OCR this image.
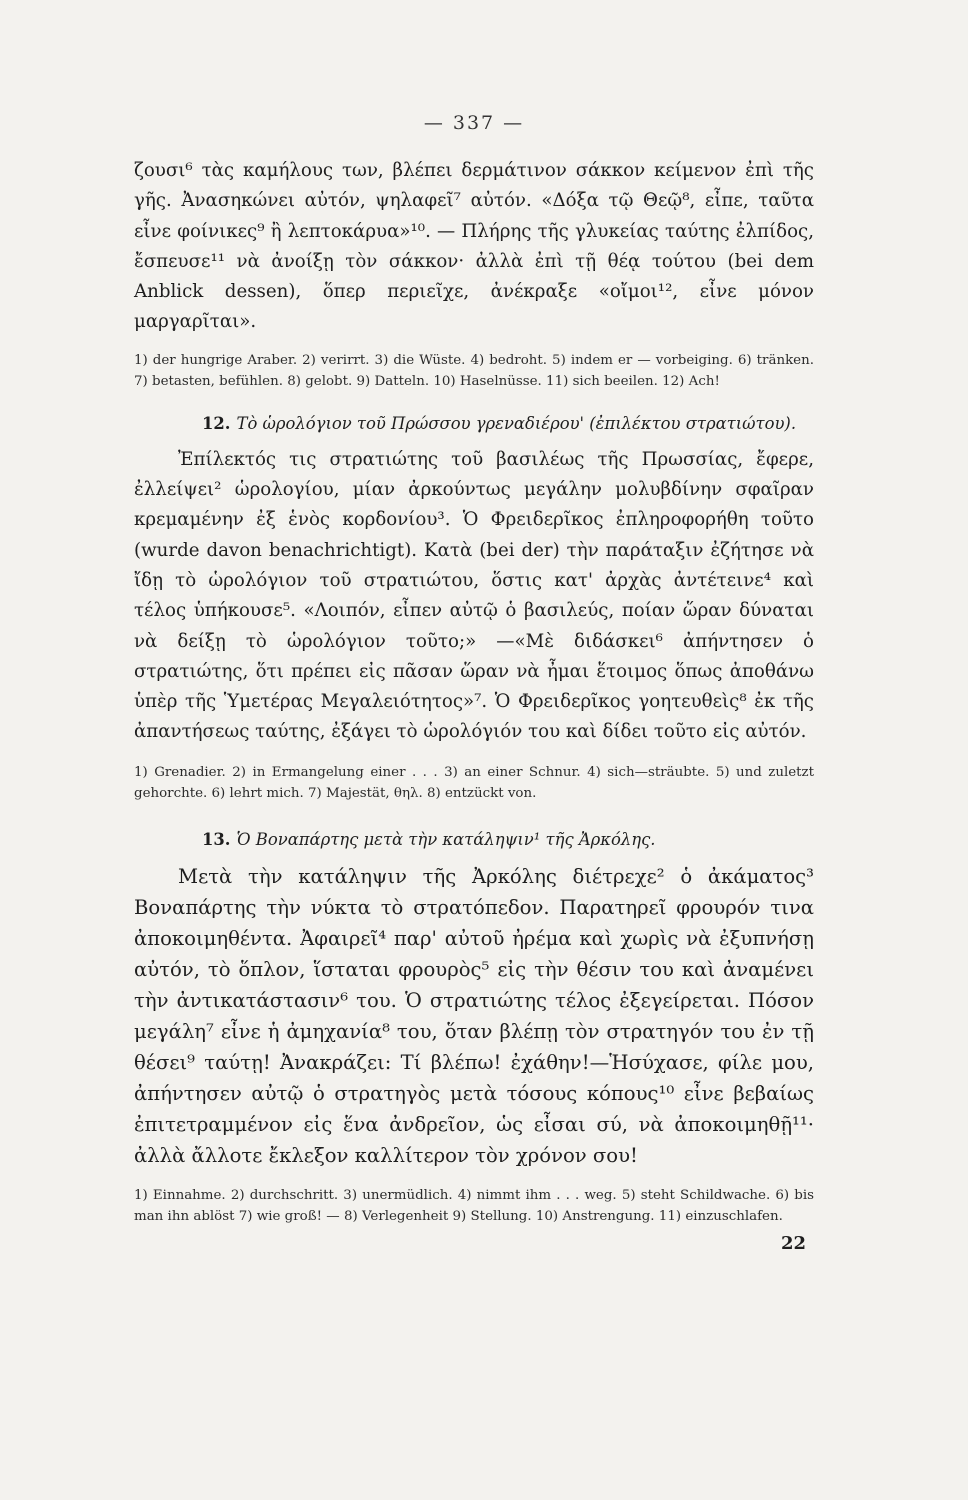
— 337 —

ζουσι⁶ τὰς καμήλους των, βλέπει δερμάτινον σάκκον κείμενον ἐπὶ τῆς γῆς. Ἀνασηκώνει αὐτόν, ψηλαφεῖ⁷ αὐτόν. «Δόξα τῷ Θεῷ⁸, εἶπε, ταῦτα εἶνε φοίνικες⁹ ἢ λεπτοκάρυα»¹⁰. — Πλήρης τῆς γλυκείας ταύτης ἐλπίδος, ἔσπευσε¹¹ νὰ ἀνοίξῃ τὸν σάκκον· ἀλλὰ ἐπὶ τῇ θέᾳ τούτου (bei dem Anblick dessen), ὅπερ περιεῖχε, ἀνέκραξε «οἴμοι¹², εἶνε μόνον μαργαρῖται».

1) der hungrige Araber. 2) verirrt. 3) die Wüste. 4) bedroht. 5) indem er — vorbeiging. 6) tränken. 7) betasten, befühlen. 8) gelobt. 9) Datteln. 10) Haselnüsse. 11) sich beeilen. 12) Ach!

12. Τὸ ὡρολόγιον τοῦ Πρώσσου γρεναδιέρου' (ἐπιλέκτου στρατιώτου).

Ἐπίλεκτός τις στρατιώτης τοῦ βασιλέως τῆς Πρωσσίας, ἔφερε, ἐλλείψει² ὡρολογίου, μίαν ἀρκούντως μεγάλην μολυβδίνην σφαῖραν κρεμαμένην ἐξ ἑνὸς κορδονίου³. Ὁ Φρειδερῖκος ἐπληροφορήθη τοῦτο (wurde davon benachrichtigt). Κατὰ (bei der) τὴν παράταξιν ἐζήτησε νὰ ἴδῃ τὸ ὡρολόγιον τοῦ στρατιώτου, ὅστις κατ' ἀρχὰς ἀντέτεινε⁴ καὶ τέλος ὑπήκουσε⁵. «Λοιπόν, εἶπεν αὐτῷ ὁ βασιλεύς, ποίαν ὥραν δύναται νὰ δείξῃ τὸ ὡρολόγιον τοῦτο;» —«Μὲ διδάσκει⁶ ἀπήντησεν ὁ στρατιώτης, ὅτι πρέπει εἰς πᾶσαν ὥραν νὰ ἦμαι ἕτοιμος ὅπως ἀποθάνω ὑπὲρ τῆς Ὑμετέρας Μεγαλειότητος»⁷. Ὁ Φρειδερῖκος γοητευθεὶς⁸ ἐκ τῆς ἀπαντήσεως ταύτης, ἐξάγει τὸ ὡρολόγιόν του καὶ δίδει τοῦτο εἰς αὐτόν.

1) Grenadier. 2) in Ermangelung einer . . . 3) an einer Schnur. 4) sich—sträubte. 5) und zuletzt gehorchte. 6) lehrt mich. 7) Majestät, θηλ. 8) entzückt von.

13. Ὁ Βοναπάρτης μετὰ τὴν κατάληψιν¹ τῆς Ἀρκόλης.

Μετὰ τὴν κατάληψιν τῆς Ἀρκόλης διέτρεχε² ὁ ἀκάματος³ Βοναπάρτης τὴν νύκτα τὸ στρατόπεδον. Παρατηρεῖ φρουρόν τινα ἀποκοιμηθέντα. Ἀφαιρεῖ⁴ παρ' αὐτοῦ ἠρέμα καὶ χωρὶς νὰ ἐξυπνήσῃ αὐτόν, τὸ ὅπλον, ἵσταται φρουρὸς⁵ εἰς τὴν θέσιν του καὶ ἀναμένει τὴν ἀντικατάστασιν⁶ του. Ὁ στρατιώτης τέλος ἐξεγείρεται. Πόσον μεγάλη⁷ εἶνε ἡ ἀμηχανία⁸ του, ὅταν βλέπῃ τὸν στρατηγόν του ἐν τῇ θέσει⁹ ταύτῃ! Ἀνακράζει: Τί βλέπω! ἐχάθην!—Ἡσύχασε, φίλε μου, ἀπήντησεν αὐτῷ ὁ στρατηγὸς μετὰ τόσους κόπους¹⁰ εἶνε βεβαίως ἐπιτετραμμένον εἰς ἕνα ἀνδρεῖον, ὡς εἶσαι σύ, νὰ ἀποκοιμηθῇ¹¹· ἀλλὰ ἄλλοτε ἔκλεξον καλλίτερον τὸν χρόνον σου!

1) Einnahme. 2) durchschritt. 3) unermüdlich. 4) nimmt ihm . . . weg. 5) steht Schildwache. 6) bis man ihn ablöst 7) wie groß! — 8) Verlegenheit 9) Stellung. 10) Anstrengung. 11) einzuschlafen.

22
